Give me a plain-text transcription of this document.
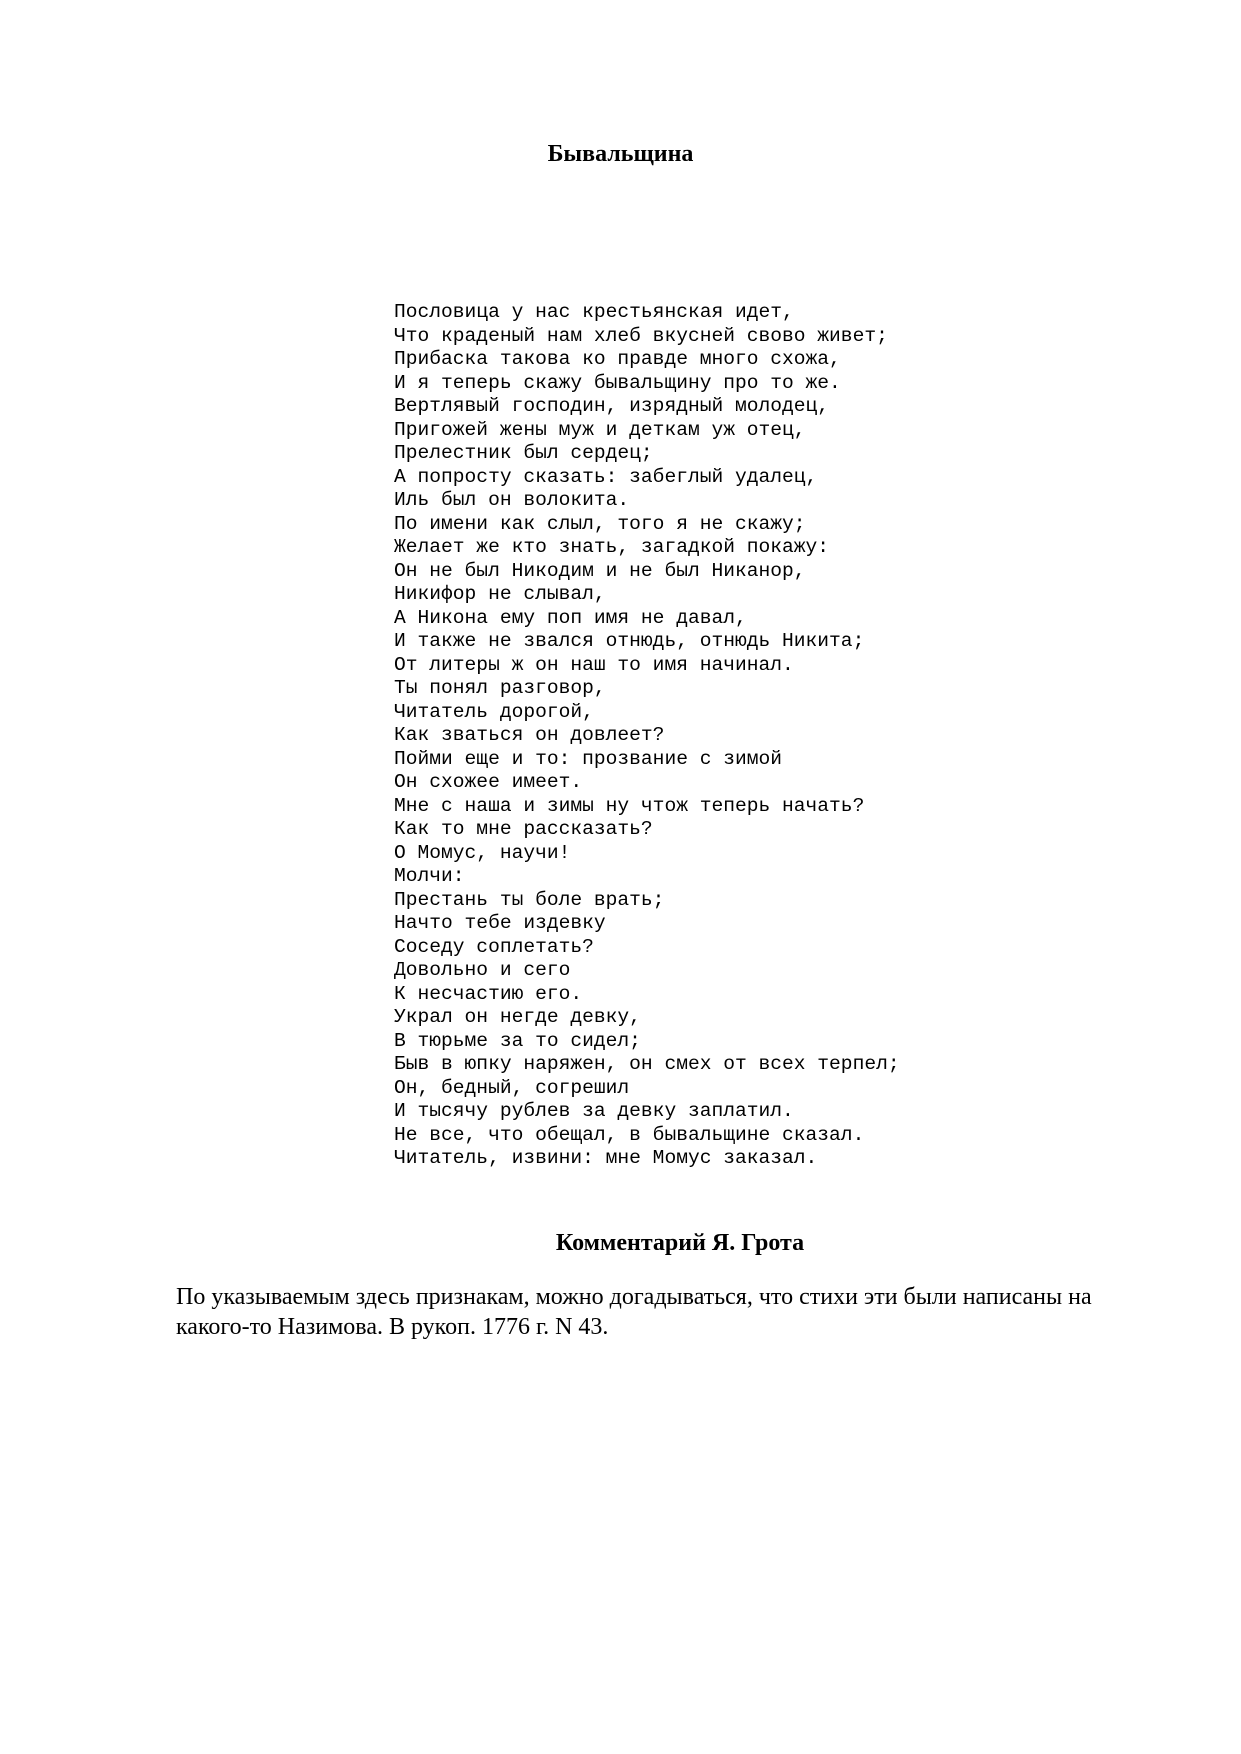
Бывальщина
Пословица у нас крестьянская идет,
Что краденый нам хлеб вкусней свово живет;
Прибаска такова ко правде много схожа,
И я теперь скажу бывальщину про то же.
Вертлявый господин, изрядный молодец,
Пригожей жены муж и деткам уж отец,
Прелестник был сердец;
А попросту сказать: забеглый удалец,
Иль был он волокита.
По имени как слыл, того я не скажу;
Желает же кто знать, загадкой покажу:
Он не был Никодим и не был Никанор,
Никифор не слывал,
А Никона ему поп имя не давал,
И также не звался отнюдь, отнюдь Никита;
От литеры ж он наш то имя начинал.
Ты понял разговор,
Читатель дорогой,
Как зваться он довлеет?
Пойми еще и то: прозвание с зимой
Он схожее имеет.
Мне с наша и зимы ну чтож теперь начать?
Как то мне рассказать?
О Момус, научи!
Молчи:
Престань ты боле врать;
Начто тебе издевку
Соседу соплетать?
Довольно и сего
К несчастию его.
Украл он негде девку,
В тюрьме за то сидел;
Быв в юпку наряжен, он смех от всех терпел;
Он, бедный, согрешил
И тысячу рублев за девку заплатил.
Не все, что обещал, в бывальщине сказал.
Читатель, извини: мне Момус заказал.
Комментарий Я. Грота
По указываемым здесь признакам, можно догадываться, что стихи эти были написаны на
какого-то Назимова. В рукоп. 1776 г. N 43.
